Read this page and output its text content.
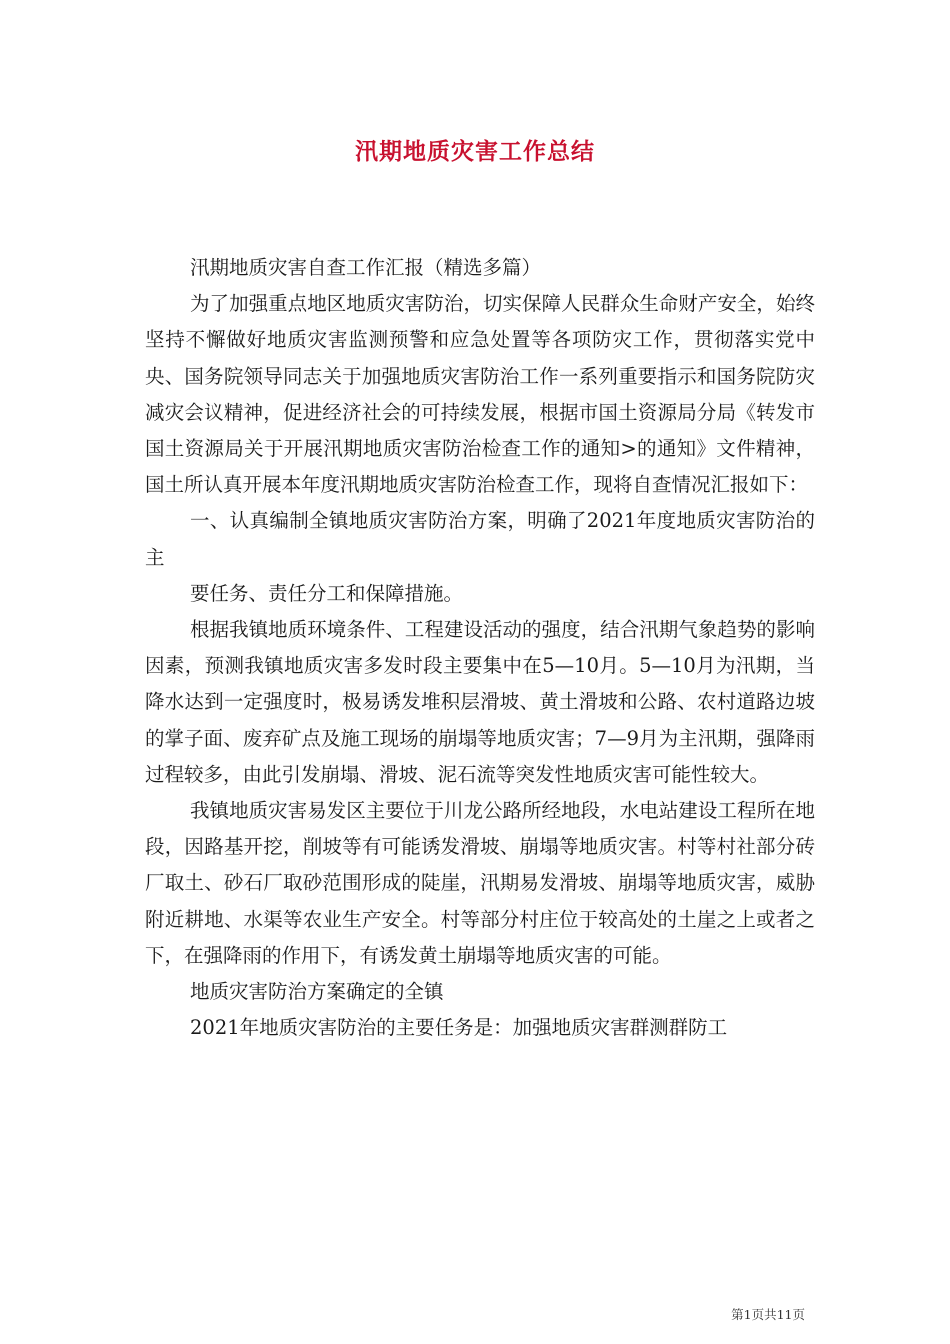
汛期地质灾害工作总结

汛期地质灾害自查工作汇报（精选多篇）

为了加强重点地区地质灾害防治，切实保障人民群众生命财产安全，始终坚持不懈做好地质灾害监测预警和应急处置等各项防灾工作，贯彻落实党中央、国务院领导同志关于加强地质灾害防治工作一系列重要指示和国务院防灾减灾会议精神，促进经济社会的可持续发展，根据市国土资源局分局《转发市国土资源局关于开展汛期地质灾害防治检查工作的通知>的通知》文件精神，国土所认真开展本年度汛期地质灾害防治检查工作，现将自查情况汇报如下：

一、认真编制全镇地质灾害防治方案，明确了2021年度地质灾害防治的主

要任务、责任分工和保障措施。

根据我镇地质环境条件、工程建设活动的强度，结合汛期气象趋势的影响因素，预测我镇地质灾害多发时段主要集中在5—10月。5—10月为汛期，当降水达到一定强度时，极易诱发堆积层滑坡、黄土滑坡和公路、农村道路边坡的掌子面、废弃矿点及施工现场的崩塌等地质灾害；7—9月为主汛期，强降雨过程较多，由此引发崩塌、滑坡、泥石流等突发性地质灾害可能性较大。

我镇地质灾害易发区主要位于川龙公路所经地段，水电站建设工程所在地段，因路基开挖，削坡等有可能诱发滑坡、崩塌等地质灾害。村等村社部分砖厂取土、砂石厂取砂范围形成的陡崖，汛期易发滑坡、崩塌等地质灾害，威胁附近耕地、水渠等农业生产安全。村等部分村庄位于较高处的土崖之上或者之下，在强降雨的作用下，有诱发黄土崩塌等地质灾害的可能。

地质灾害防治方案确定的全镇

2021年地质灾害防治的主要任务是：加强地质灾害群测群防工

第1页共11页
